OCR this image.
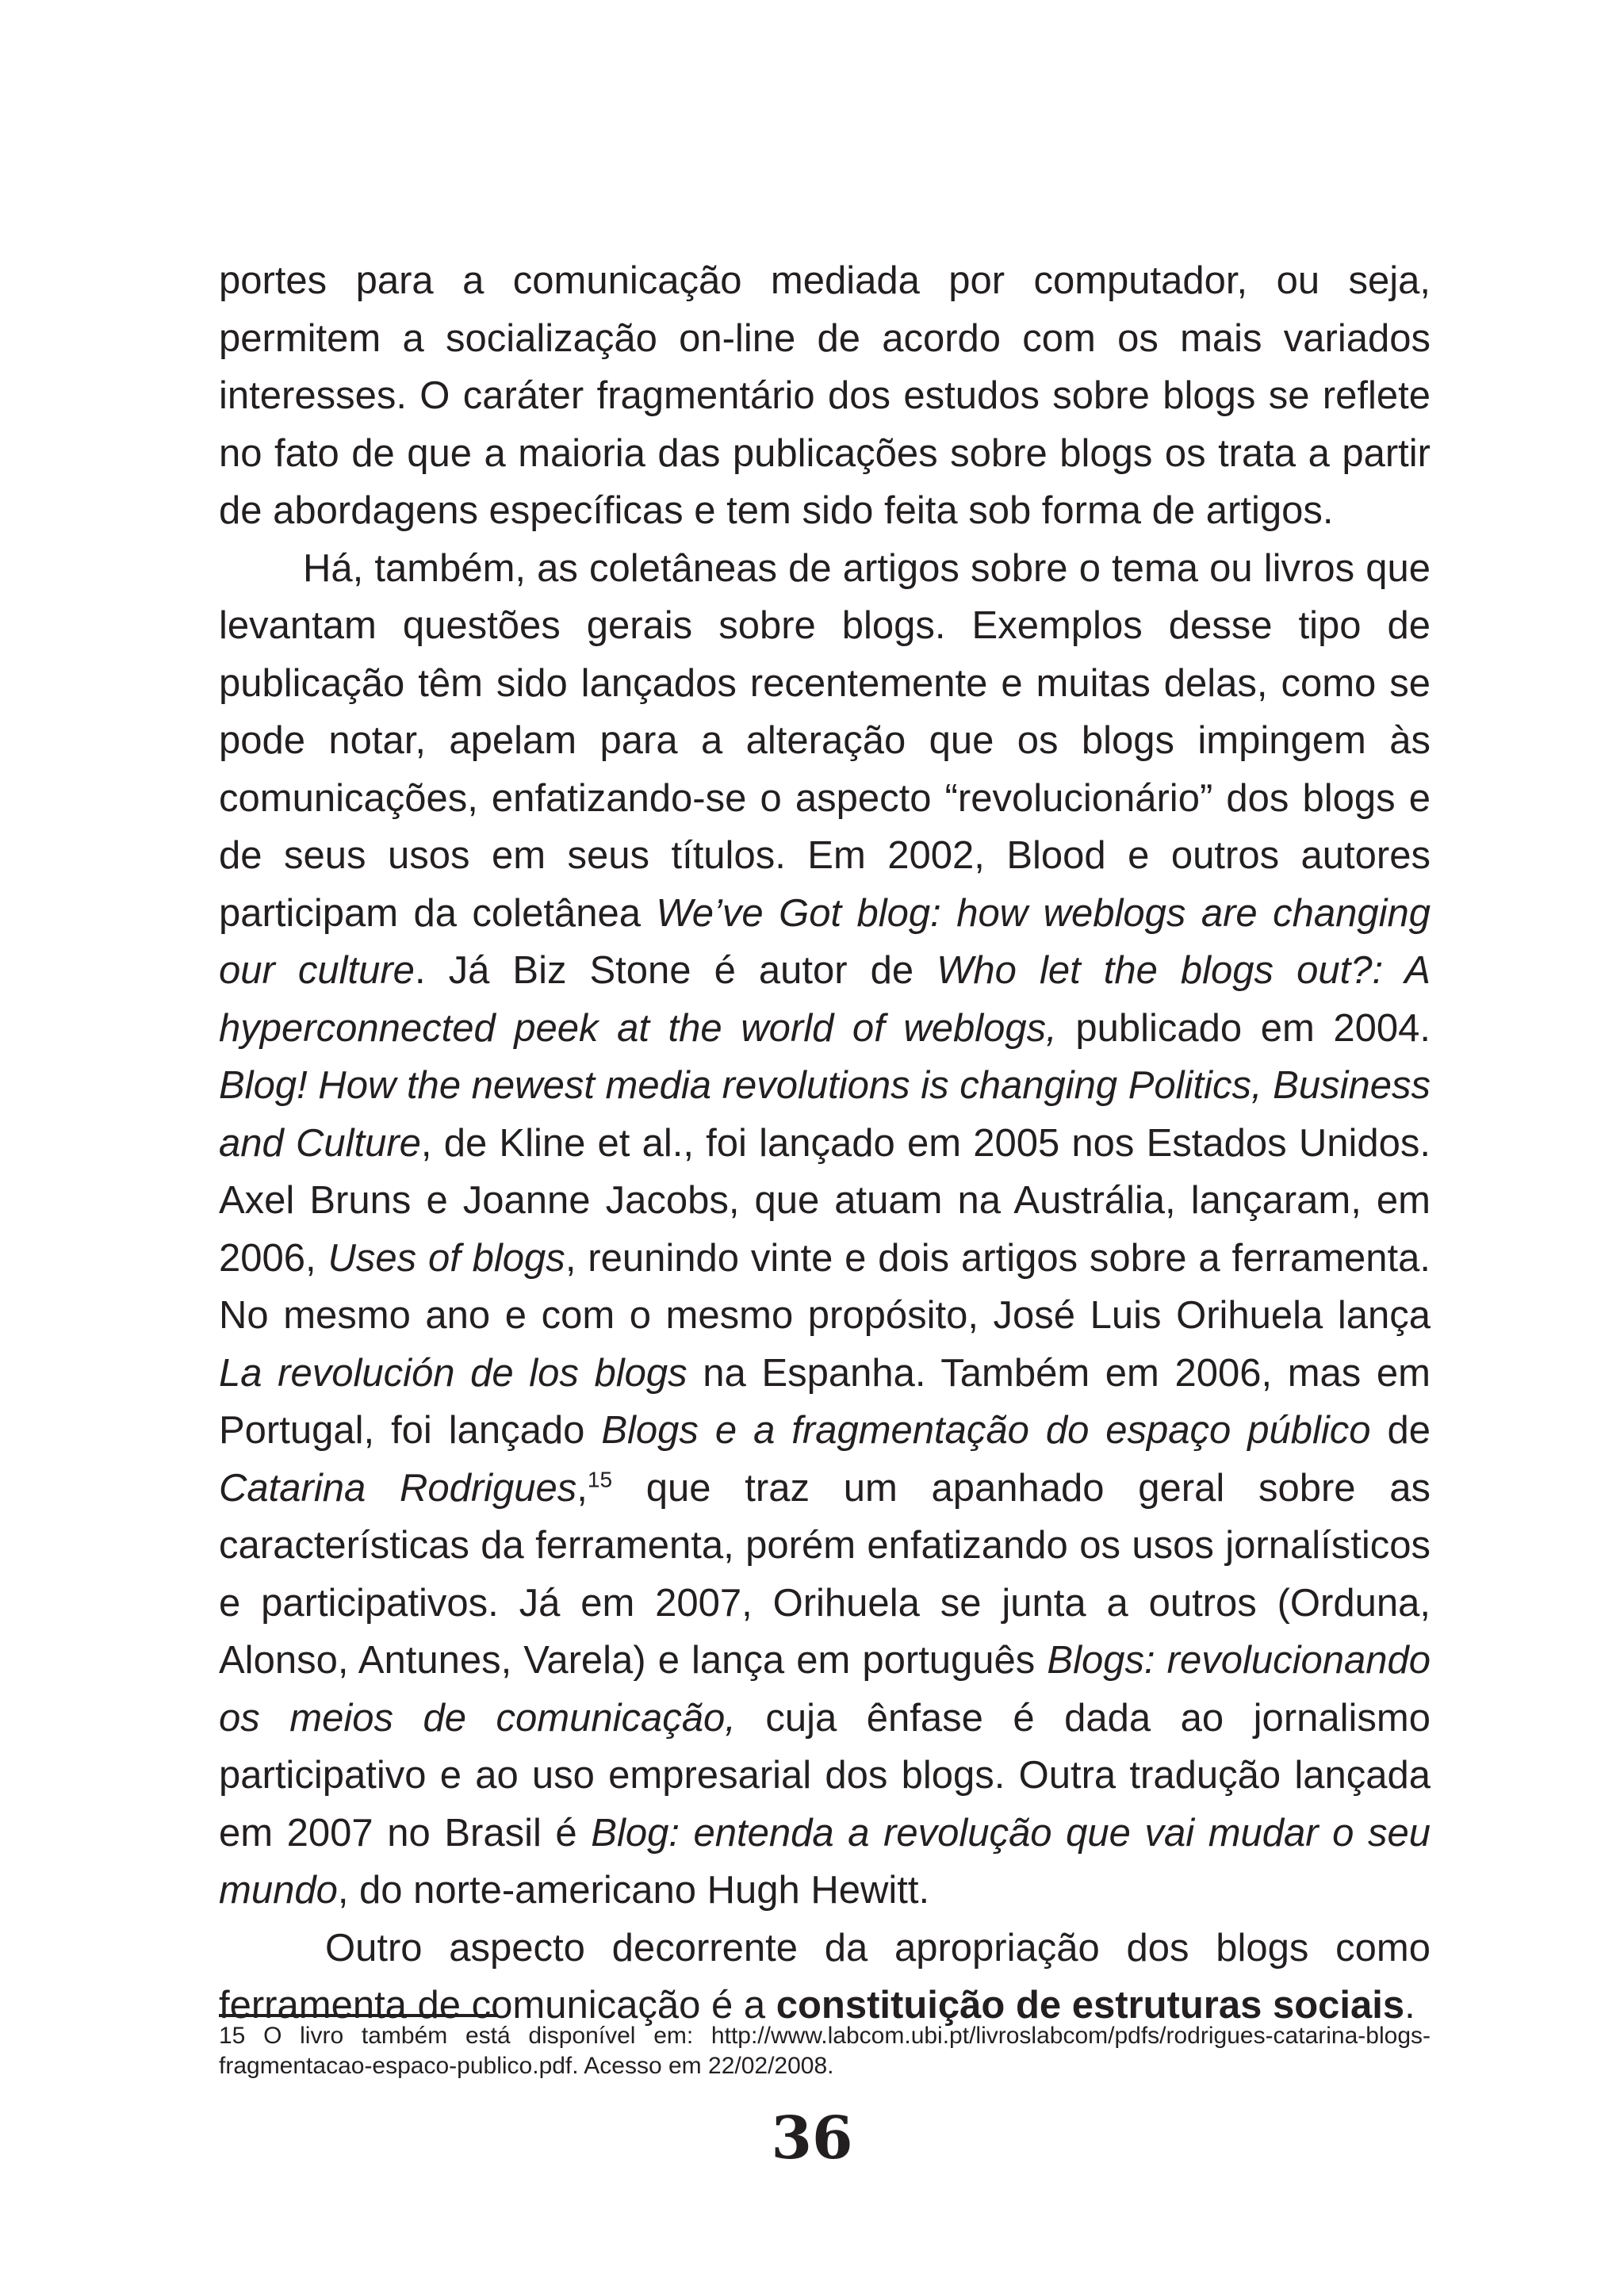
portes para a comunicação mediada por computador, ou seja, permitem a socialização on-line de acordo com os mais variados interesses. O caráter fragmentário dos estudos sobre blogs se reflete no fato de que a maioria das publicações sobre blogs os trata a partir de abordagens específicas e tem sido feita sob forma de artigos.

Há, também, as coletâneas de artigos sobre o tema ou livros que levantam questões gerais sobre blogs. Exemplos desse tipo de publicação têm sido lançados recentemente e muitas delas, como se pode notar, apelam para a alteração que os blogs impingem às comunicações, enfatizando-se o aspecto “revolucionário” dos blogs e de seus usos em seus títulos. Em 2002, Blood e outros autores participam da coletânea We’ve Got blog: how weblogs are changing our culture. Já Biz Stone é autor de Who let the blogs out?: A hyperconnected peek at the world of weblogs, publicado em 2004. Blog! How the newest media revolutions is changing Politics, Business and Culture, de Kline et al., foi lançado em 2005 nos Estados Unidos. Axel Bruns e Joanne Jacobs, que atuam na Austrália, lançaram, em 2006, Uses of blogs, reunindo vinte e dois artigos sobre a ferramenta. No mesmo ano e com o mesmo propósito, José Luis Orihuela lança La revolución de los blogs na Espanha. Também em 2006, mas em Portugal, foi lançado Blogs e a fragmentação do espaço público de Catarina Rodrigues,$^{15}$ que traz um apanhado geral sobre as características da ferramenta, porém enfatizando os usos jornalísticos e participativos. Já em 2007, Orihuela se junta a outros (Orduna, Alonso, Antunes, Varela) e lança em português Blogs: revolucionando os meios de comunicação, cuja ênfase é dada ao jornalismo participativo e ao uso empresarial dos blogs. Outra tradução lançada em 2007 no Brasil é Blog: entenda a revolução que vai mudar o seu mundo, do norte-americano Hugh Hewitt.

Outro aspecto decorrente da apropriação dos blogs como ferramenta de comunicação é a constituição de estruturas sociais.

15 O livro também está disponível em: http://www.labcom.ubi.pt/livroslabcom/pdfs/rodrigues-catarina-blogs-fragmentacao-espaco-publico.pdf. Acesso em 22/02/2008.

36
